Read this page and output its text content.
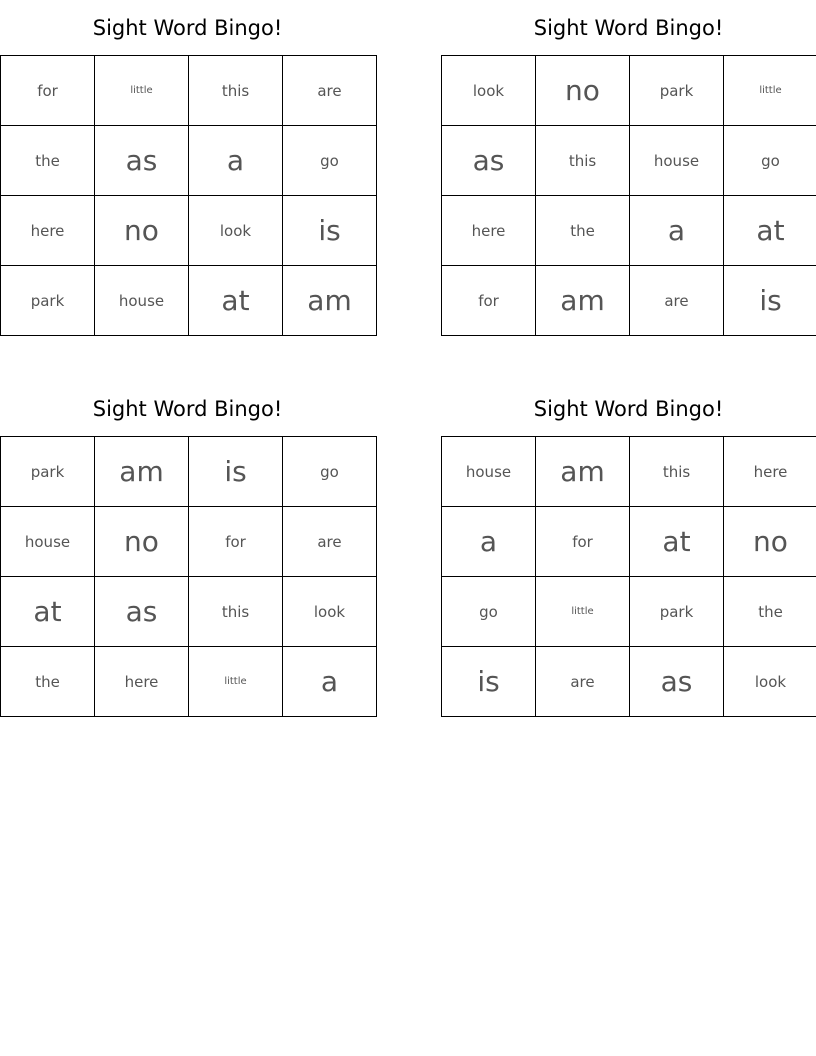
Sight Word Bingo!
for	little	this	are
the	as	a	go
here	no	look	is
park	house	at	am
Sight Word Bingo!
look	no	park	little
as	this	house	go
here	the	a	at
for	am	are	is
Sight Word Bingo!
park	am	is	go
house	no	for	are
at	as	this	look
the	here	little	a
Sight Word Bingo!
house	am	this	here
a	for	at	no
go	little	park	the
is	are	as	look
